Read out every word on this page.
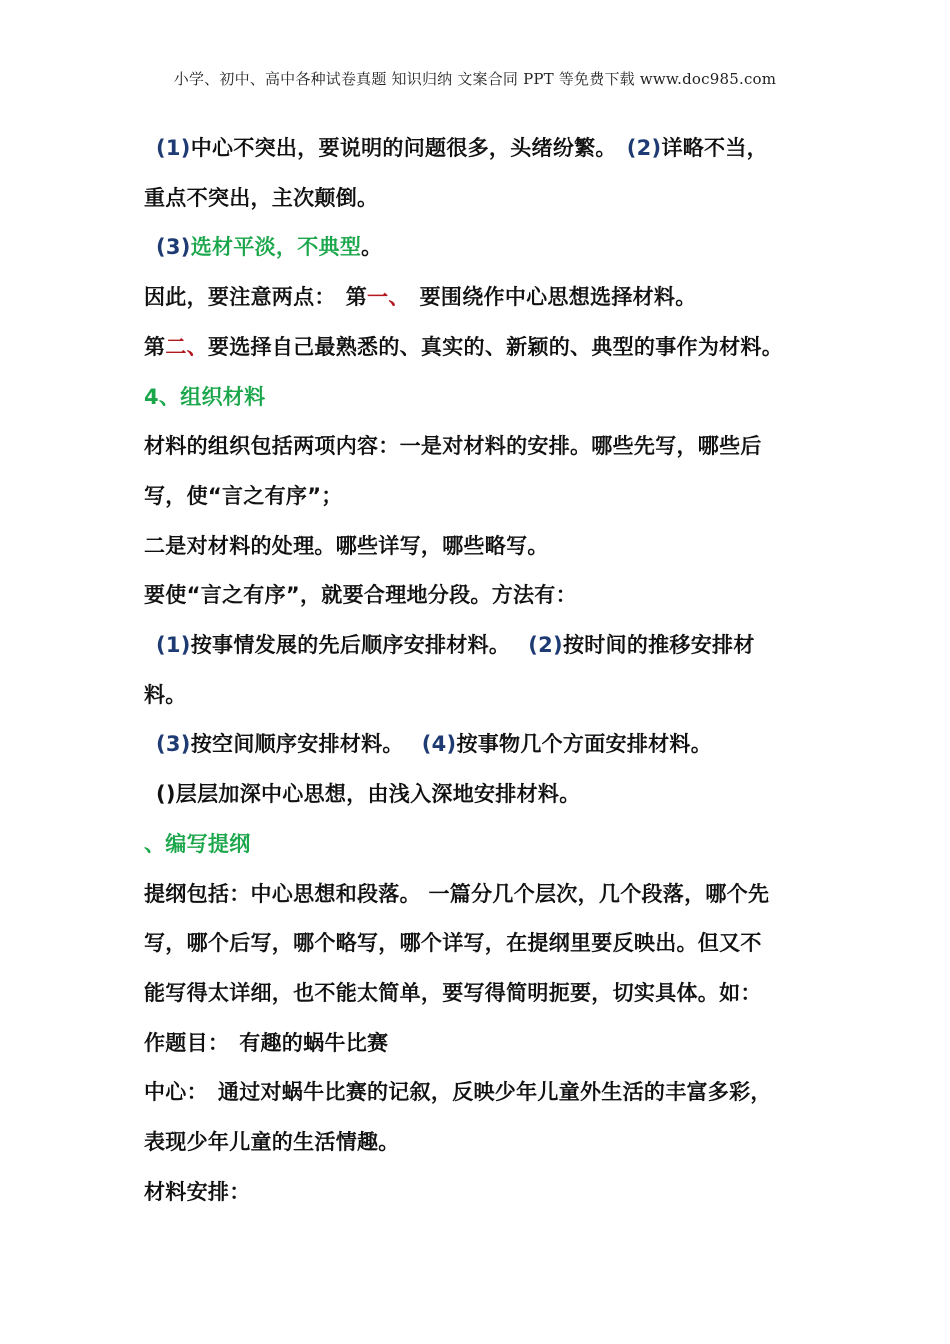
小学、初中、高中各种试卷真题 知识归纳 文案合同 PPT 等免费下载 www.doc985.com
(1)中心不突出，要说明的问题很多，头绪纷繁。 (2)详略不当，
重点不突出，主次颠倒。
(3)选材平淡，不典型。
因此，要注意两点： 第一、 要围绕作中心思想选择材料。
第二、要选择自己最熟悉的、真实的、新颖的、典型的事作为材料。
4、组织材料
材料的组织包括两项内容：一是对材料的安排。哪些先写，哪些后
写，使“言之有序”；
二是对材料的处理。哪些详写，哪些略写。
要使“言之有序”，就要合理地分段。方法有：
(1)按事情发展的先后顺序安排材料。 (2)按时间的推移安排材
料。
(3)按空间顺序安排材料。 (4)按事物几个方面安排材料。
()层层加深中心思想，由浅入深地安排材料。
、编写提纲
提纲包括：中心思想和段落。 一篇分几个层次，几个段落，哪个先
写，哪个后写，哪个略写，哪个详写，在提纲里要反映出。但又不
能写得太详细，也不能太简单，要写得简明扼要，切实具体。如：
作题目： 有趣的蜗牛比赛
中心： 通过对蜗牛比赛的记叙，反映少年儿童外生活的丰富多彩，
表现少年儿童的生活情趣。
材料安排：
